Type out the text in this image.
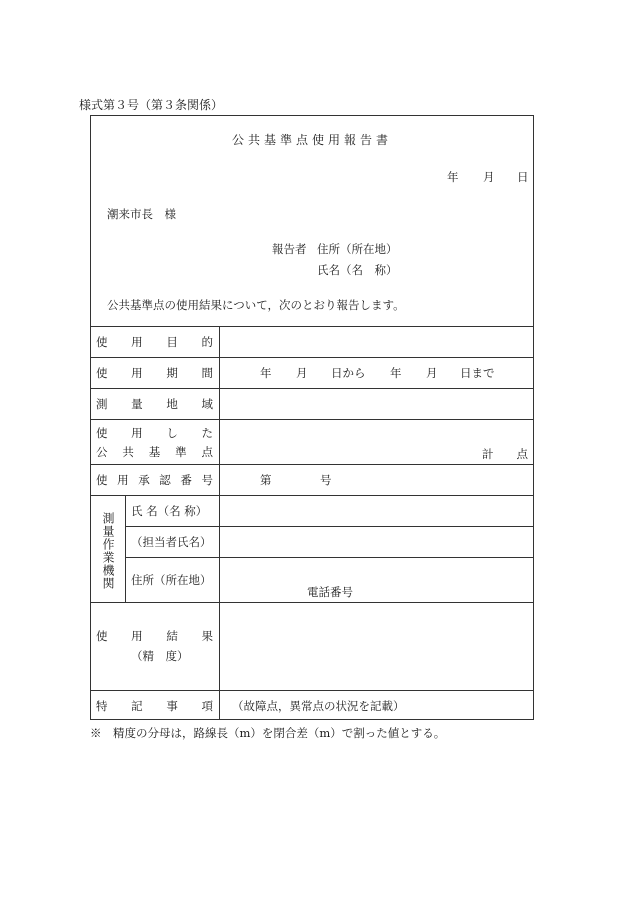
様式第３号（第３条関係）
公共基準点使用報告書
年 月 日
潮来市長　様
報告者 住所（所在地）
氏名（名　称）
公共基準点の使用結果について，次のとおり報告します。
使 用 目 的
使 用 期 間	年 月 日から 年 月 日まで
測 量 地 域
使 用 し た
公 共 基 準 点	計　　点
使 用 承 認 番 号	第	号
測量作業機関
氏 名（名 称）
（担当者氏名）
住所（所在地）
電話番号
使 用 結 果
（精　度）
特 記 事 項 （故障点，異常点の状況を記載）
※　精度の分母は，路線長（m）を閉合差（m）で割った値とする。
